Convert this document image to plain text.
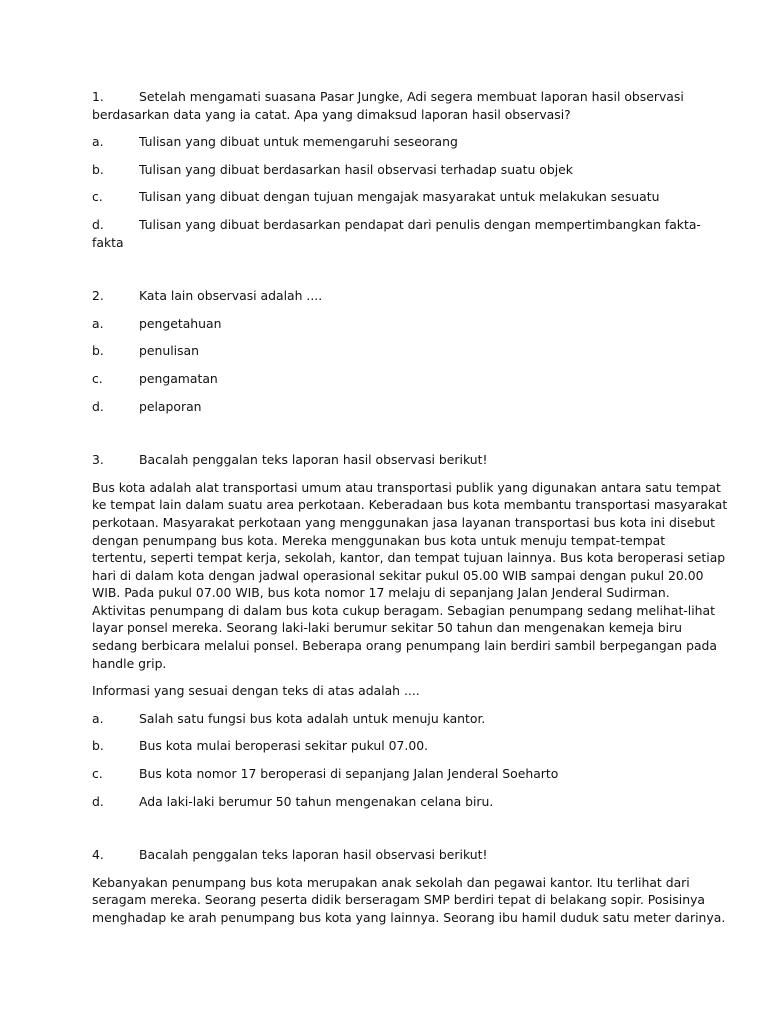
1.	Setelah mengamati suasana Pasar Jungke, Adi segera membuat laporan hasil observasi
berdasarkan data yang ia catat. Apa yang dimaksud laporan hasil observasi?
a.	Tulisan yang dibuat untuk memengaruhi seseorang
b.	Tulisan yang dibuat berdasarkan hasil observasi terhadap suatu objek
c.	Tulisan yang dibuat dengan tujuan mengajak masyarakat untuk melakukan sesuatu
d.	Tulisan yang dibuat berdasarkan pendapat dari penulis dengan mempertimbangkan fakta-
fakta
2.	Kata lain observasi adalah ....
a.	pengetahuan
b.	penulisan
c.	pengamatan
d.	pelaporan
3.	Bacalah penggalan teks laporan hasil observasi berikut!

Bus kota adalah alat transportasi umum atau transportasi publik yang digunakan antara satu tempat

ke tempat lain dalam suatu area perkotaan. Keberadaan bus kota membantu transportasi masyarakat

perkotaan. Masyarakat perkotaan yang menggunakan jasa layanan transportasi bus kota ini disebut

dengan penumpang bus kota. Mereka menggunakan bus kota untuk menuju tempat-tempat

tertentu, seperti tempat kerja, sekolah, kantor, dan tempat tujuan lainnya. Bus kota beroperasi setiap

hari di dalam kota dengan jadwal operasional sekitar pukul 05.00 WIB sampai dengan pukul 20.00

WIB. Pada pukul 07.00 WIB, bus kota nomor 17 melaju di sepanjang Jalan Jenderal Sudirman.

Aktivitas penumpang di dalam bus kota cukup beragam. Sebagian penumpang sedang melihat-lihat

layar ponsel mereka. Seorang laki-laki berumur sekitar 50 tahun dan mengenakan kemeja biru

sedang berbicara melalui ponsel. Beberapa orang penumpang lain berdiri sambil berpegangan pada

handle grip.

Informasi yang sesuai dengan teks di atas adalah ....
a.	Salah satu fungsi bus kota adalah untuk menuju kantor.
b.	Bus kota mulai beroperasi sekitar pukul 07.00.
c.	Bus kota nomor 17 beroperasi di sepanjang Jalan Jenderal Soeharto
d.	Ada laki-laki berumur 50 tahun mengenakan celana biru.
4.	Bacalah penggalan teks laporan hasil observasi berikut!

Kebanyakan penumpang bus kota merupakan anak sekolah dan pegawai kantor. Itu terlihat dari

seragam mereka. Seorang peserta didik berseragam SMP berdiri tepat di belakang sopir. Posisinya

menghadap ke arah penumpang bus kota yang lainnya. Seorang ibu hamil duduk satu meter darinya.
